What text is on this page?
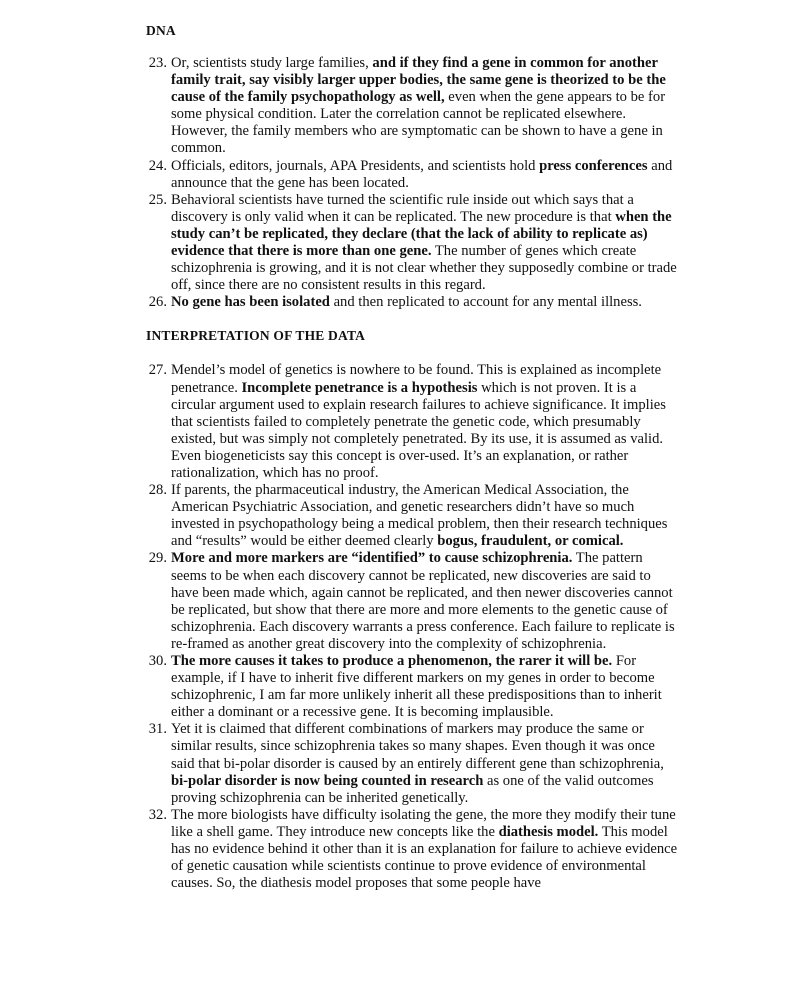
DNA
23 . Or, scientists study large families, and if they find a gene in common for another family trait, say visibly larger upper bodies, the same gene is theorized to be the cause of the family psychopathology as well, even when the gene appears to be for some physical condition. Later the correlation cannot be replicated elsewhere. However, the family members who are symptomatic can be shown to have a gene in common.
24 . Officials, editors, journals, APA Presidents, and scientists hold press conferences and announce that the gene has been located.
25 . Behavioral scientists have turned the scientific rule inside out which says that a discovery is only valid when it can be replicated. The new procedure is that when the study can’t be replicated, they declare (that the lack of ability to replicate as) evidence that there is more than one gene. The number of genes which create schizophrenia is growing, and it is not clear whether they supposedly combine or trade off, since there are no consistent results in this regard.
26 . No gene has been isolated and then replicated to account for any mental illness.
INTERPRETATION OF THE DATA
27 . Mendel’s model of genetics is nowhere to be found. This is explained as incomplete penetrance. Incomplete penetrance is a hypothesis which is not proven. It is a circular argument used to explain research failures to achieve significance. It implies that scientists failed to completely penetrate the genetic code, which presumably existed, but was simply not completely penetrated. By its use, it is assumed as valid. Even biogeneticists say this concept is over-used. It’s an explanation, or rather rationalization, which has no proof.
28 . If parents, the pharmaceutical industry, the American Medical Association, the American Psychiatric Association, and genetic researchers didn’t have so much invested in psychopathology being a medical problem, then their research techniques and “results” would be either deemed clearly bogus, fraudulent, or comical.
29 . More and more markers are “identified” to cause schizophrenia. The pattern seems to be when each discovery cannot be replicated, new discoveries are said to have been made which, again cannot be replicated, and then newer discoveries cannot be replicated, but show that there are more and more elements to the genetic cause of schizophrenia. Each discovery warrants a press conference. Each failure to replicate is re-framed as another great discovery into the complexity of schizophrenia.
30 . The more causes it takes to produce a phenomenon, the rarer it will be. For example, if I have to inherit five different markers on my genes in order to become schizophrenic, I am far more unlikely inherit all these predispositions than to inherit either a dominant or a recessive gene. It is becoming implausible.
31 . Yet it is claimed that different combinations of markers may produce the same or similar results, since schizophrenia takes so many shapes. Even though it was once said that bi-polar disorder is caused by an entirely different gene than schizophrenia, bi-polar disorder is now being counted in research as one of the valid outcomes proving schizophrenia can be inherited genetically.
32 . The more biologists have difficulty isolating the gene, the more they modify their tune like a shell game. They introduce new concepts like the diathesis model. This model has no evidence behind it other than it is an explanation for failure to achieve evidence of genetic causation while scientists continue to prove evidence of environmental causes. So, the diathesis model proposes that some people have
